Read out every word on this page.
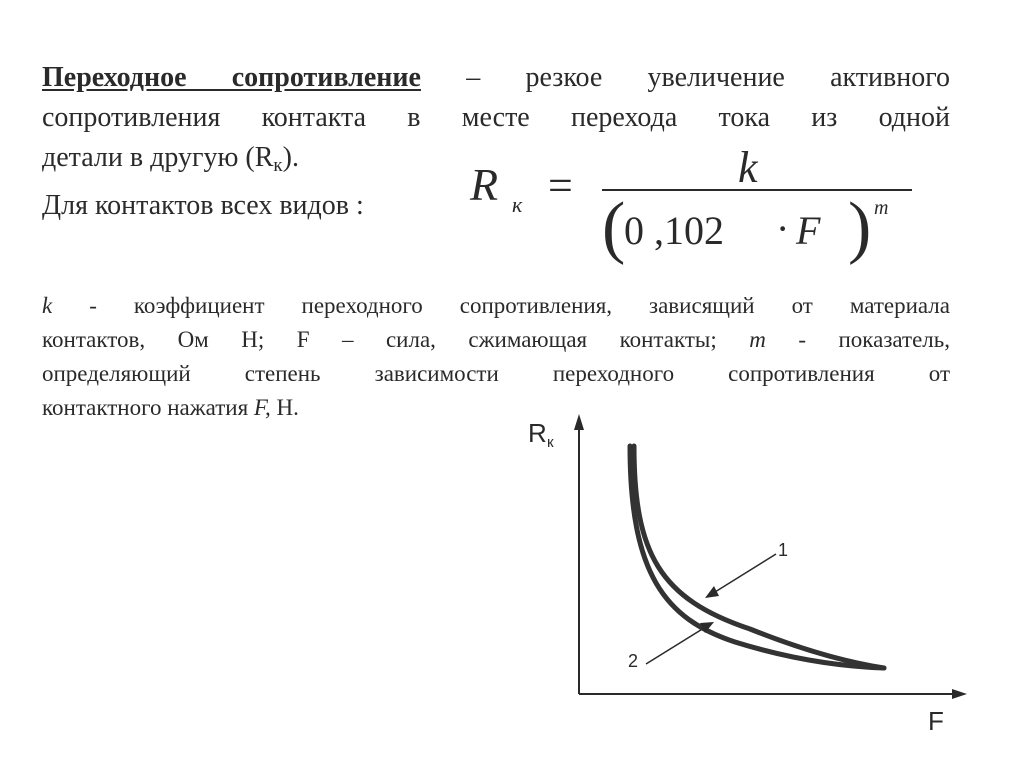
Переходное сопротивление – резкое увеличение активного
сопротивления контакта в месте перехода тока из одной
детали в другую $(R_к)$.
Для контактов всех видов :	R к =	k
(
0 ,102 · F ) m
k - коэффициент переходного сопротивления, зависящий от материала
контактов, Ом Н; F – сила, сжимающая контакты; m - показатель,
определяющий степень зависимости переходного сопротивления от
контактного нажатия F, Н.
R к
F
1
2
